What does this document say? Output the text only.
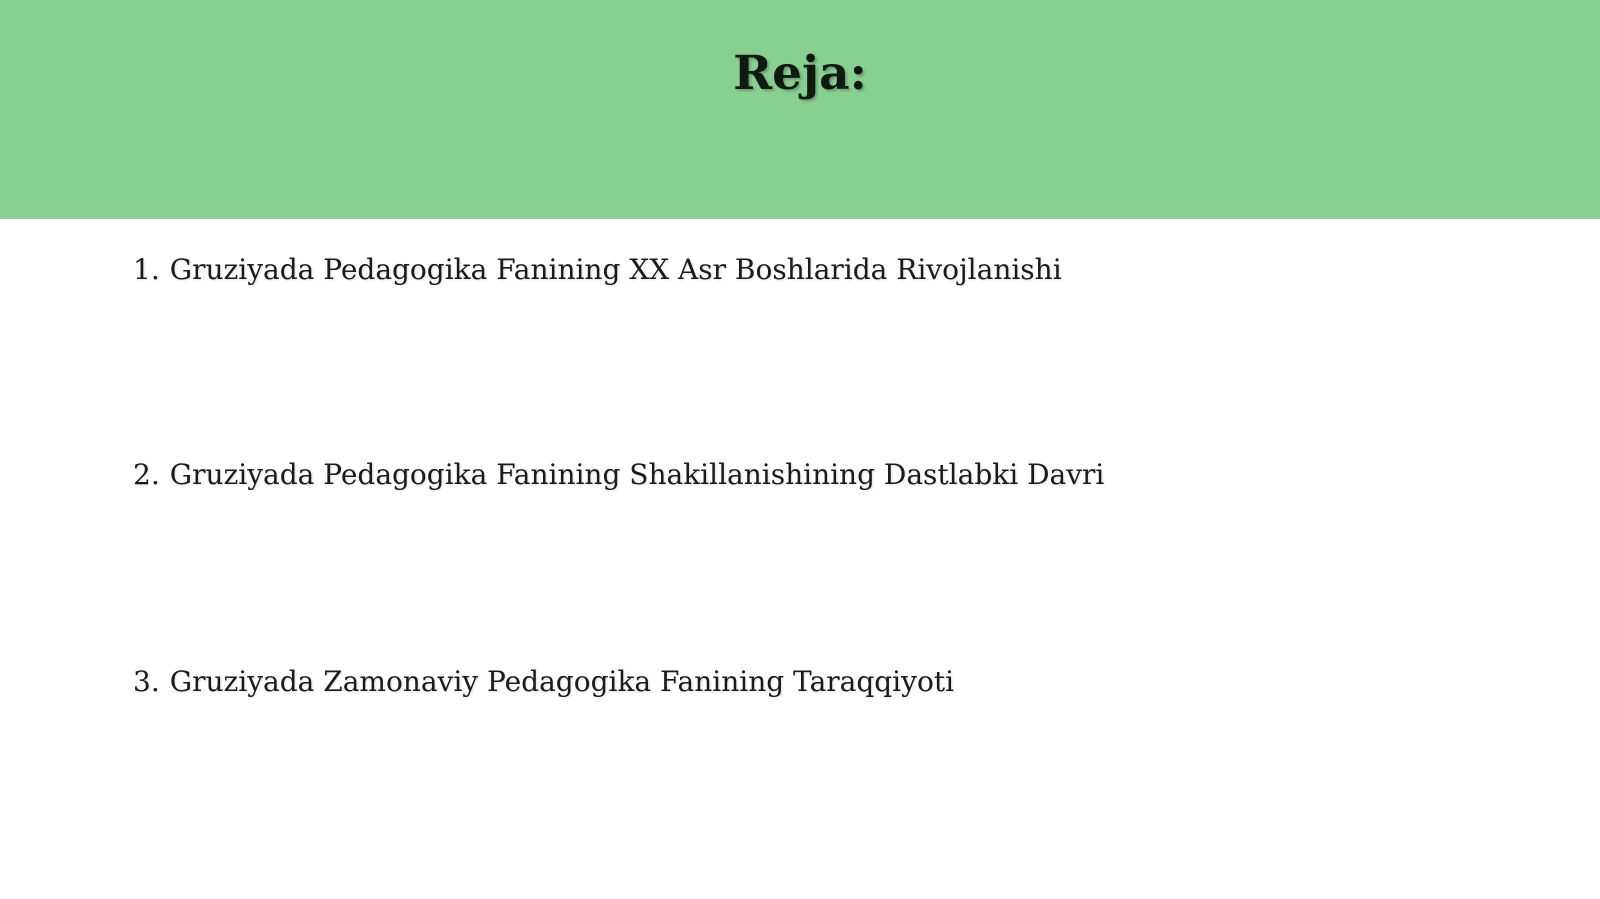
Reja:
1. Gruziyada Pedagogika Fanining XX Asr Boshlarida Rivojlanishi
2. Gruziyada Pedagogika Fanining Shakillanishining Dastlabki Davri
3. Gruziyada Zamonaviy Pedagogika Fanining Taraqqiyoti
